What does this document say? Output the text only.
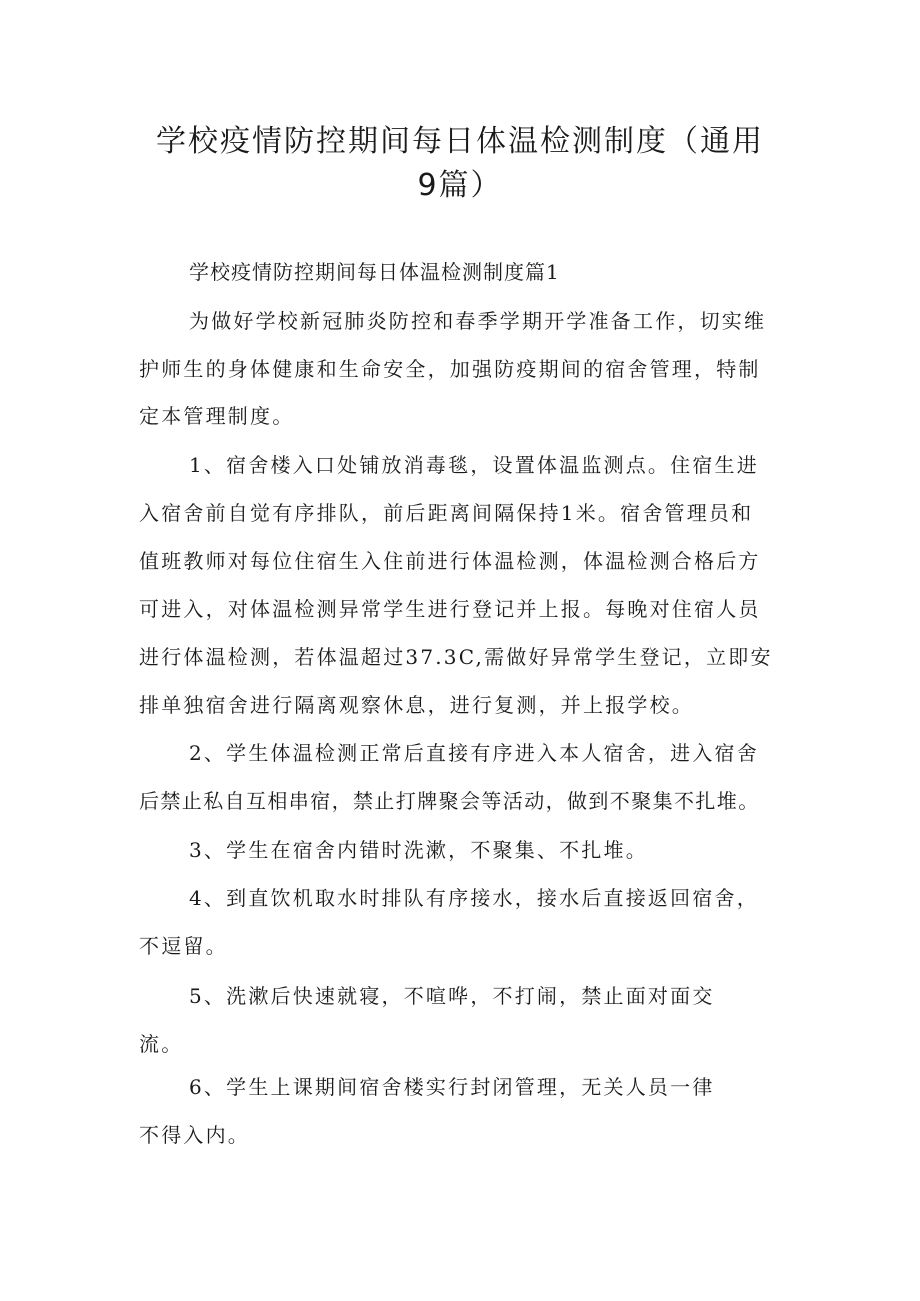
学校疫情防控期间每日体温检测制度（通用
9篇）
学校疫情防控期间每日体温检测制度篇1
为做好学校新冠肺炎防控和春季学期开学准备工作，切实维
护师生的身体健康和生命安全，加强防疫期间的宿舍管理，特制
定本管理制度。
1、宿舍楼入口处铺放消毒毯，设置体温监测点。住宿生进
入宿舍前自觉有序排队，前后距离间隔保持1米。宿舍管理员和
值班教师对每位住宿生入住前进行体温检测，体温检测合格后方
可进入，对体温检测异常学生进行登记并上报。每晚对住宿人员
进行体温检测，若体温超过37.3C,需做好异常学生登记，立即安
排单独宿舍进行隔离观察休息，进行复测，并上报学校。
2、学生体温检测正常后直接有序进入本人宿舍，进入宿舍
后禁止私自互相串宿，禁止打牌聚会等活动，做到不聚集不扎堆。
3、学生在宿舍内错时洗漱，不聚集、不扎堆。
4、到直饮机取水时排队有序接水，接水后直接返回宿舍，
不逗留。
5、洗漱后快速就寝，不喧哗，不打闹，禁止面对面交
流。
6、学生上课期间宿舍楼实行封闭管理，无关人员一律
不得入内。
